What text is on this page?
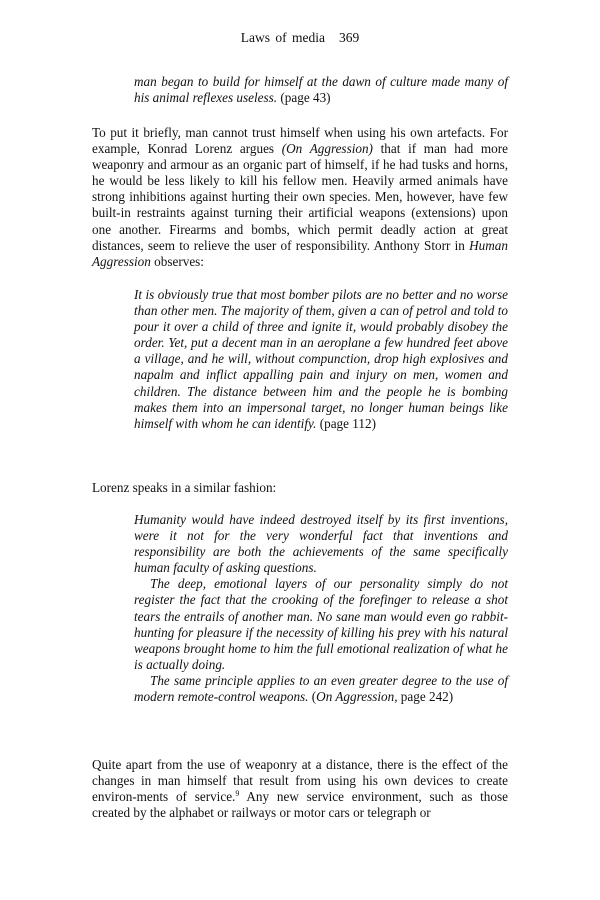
Laws of media 369

man began to build for himself at the dawn of culture made many of his animal reflexes useless. (page 43)

To put it briefly, man cannot trust himself when using his own artefacts. For example, Konrad Lorenz argues (On Aggression) that if man had more weaponry and armour as an organic part of himself, if he had tusks and horns, he would be less likely to kill his fellow men. Heavily armed animals have strong inhibitions against hurting their own species. Men, however, have few built-in restraints against turning their artificial weapons (extensions) upon one another. Firearms and bombs, which permit deadly action at great distances, seem to relieve the user of responsibility. Anthony Storr in Human Aggression observes:

It is obviously true that most bomber pilots are no better and no worse than other men. The majority of them, given a can of petrol and told to pour it over a child of three and ignite it, would probably disobey the order. Yet, put a decent man in an aeroplane a few hundred feet above a village, and he will, without compunction, drop high explosives and napalm and inflict appalling pain and injury on men, women and children. The distance between him and the people he is bombing makes them into an impersonal target, no longer human beings like himself with whom he can identify. (page 112)

Lorenz speaks in a similar fashion:

Humanity would have indeed destroyed itself by its first inventions, were it not for the very wonderful fact that inventions and responsibility are both the achievements of the same specifically human faculty of asking questions.

The deep, emotional layers of our personality simply do not register the fact that the crooking of the forefinger to release a shot tears the entrails of another man. No sane man would even go rabbit-hunting for pleasure if the necessity of killing his prey with his natural weapons brought home to him the full emotional realization of what he is actually doing.

The same principle applies to an even greater degree to the use of modern remote-control weapons. (On Aggression, page 242)

Quite apart from the use of weaponry at a distance, there is the effect of the changes in man himself that result from using his own devices to create environ-ments of service.$^9$ Any new service environment, such as those created by the alphabet or railways or motor cars or telegraph or
